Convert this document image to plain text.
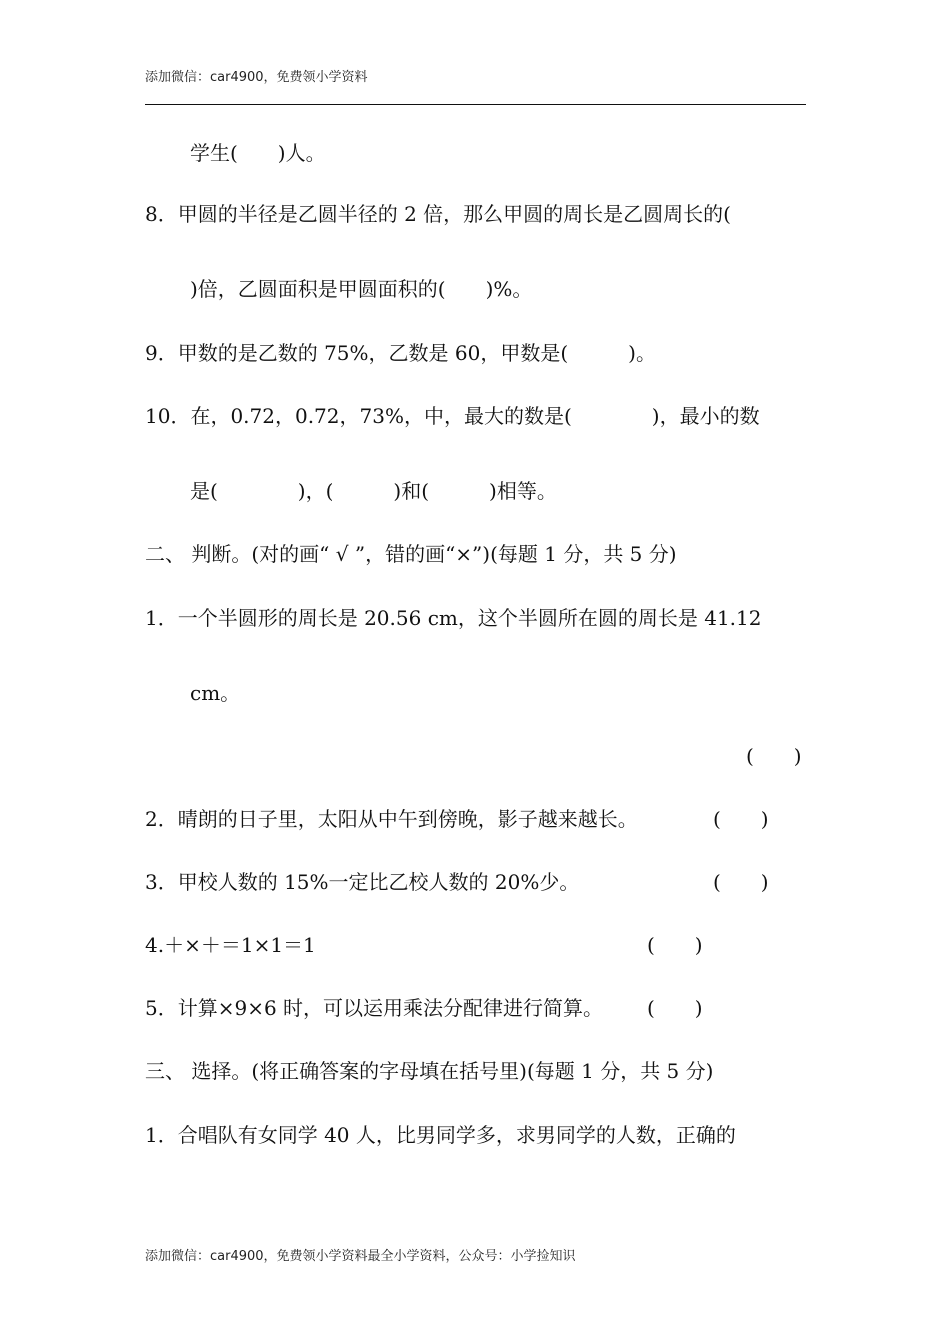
添加微信：car4900，免费领小学资料
学生(　　)人。
8．甲圆的半径是乙圆半径的 2 倍，那么甲圆的周长是乙圆周长的(
)倍，乙圆面积是甲圆面积的(　　)%。
9．甲数的是乙数的 75%，乙数是 60，甲数是(　　　)。
10．在，0.72，0.72，73%，中，最大的数是(　　　　)，最小的数
是(　　　　)，(　　　)和(　　　)相等。
二、 判断。(对的画“ √ ”，错的画“×”)(每题 1 分，共 5 分)
1．一个半圆形的周长是 20.56 cm，这个半圆所在圆的周长是 41.12
cm。
(　　)
2．晴朗的日子里，太阳从中午到傍晚，影子越来越长。	(　　)
3．甲校人数的 15%一定比乙校人数的 20%少。	(　　)
4.＋×＋＝1×1＝1	(　　)
5．计算×9×6 时，可以运用乘法分配律进行简算。 (　　)
三、 选择。(将正确答案的字母填在括号里)(每题 1 分，共 5 分)
1．合唱队有女同学 40 人，比男同学多，求男同学的人数，正确的
添加微信：car4900，免费领小学资料最全小学资料，公众号：小学捡知识
